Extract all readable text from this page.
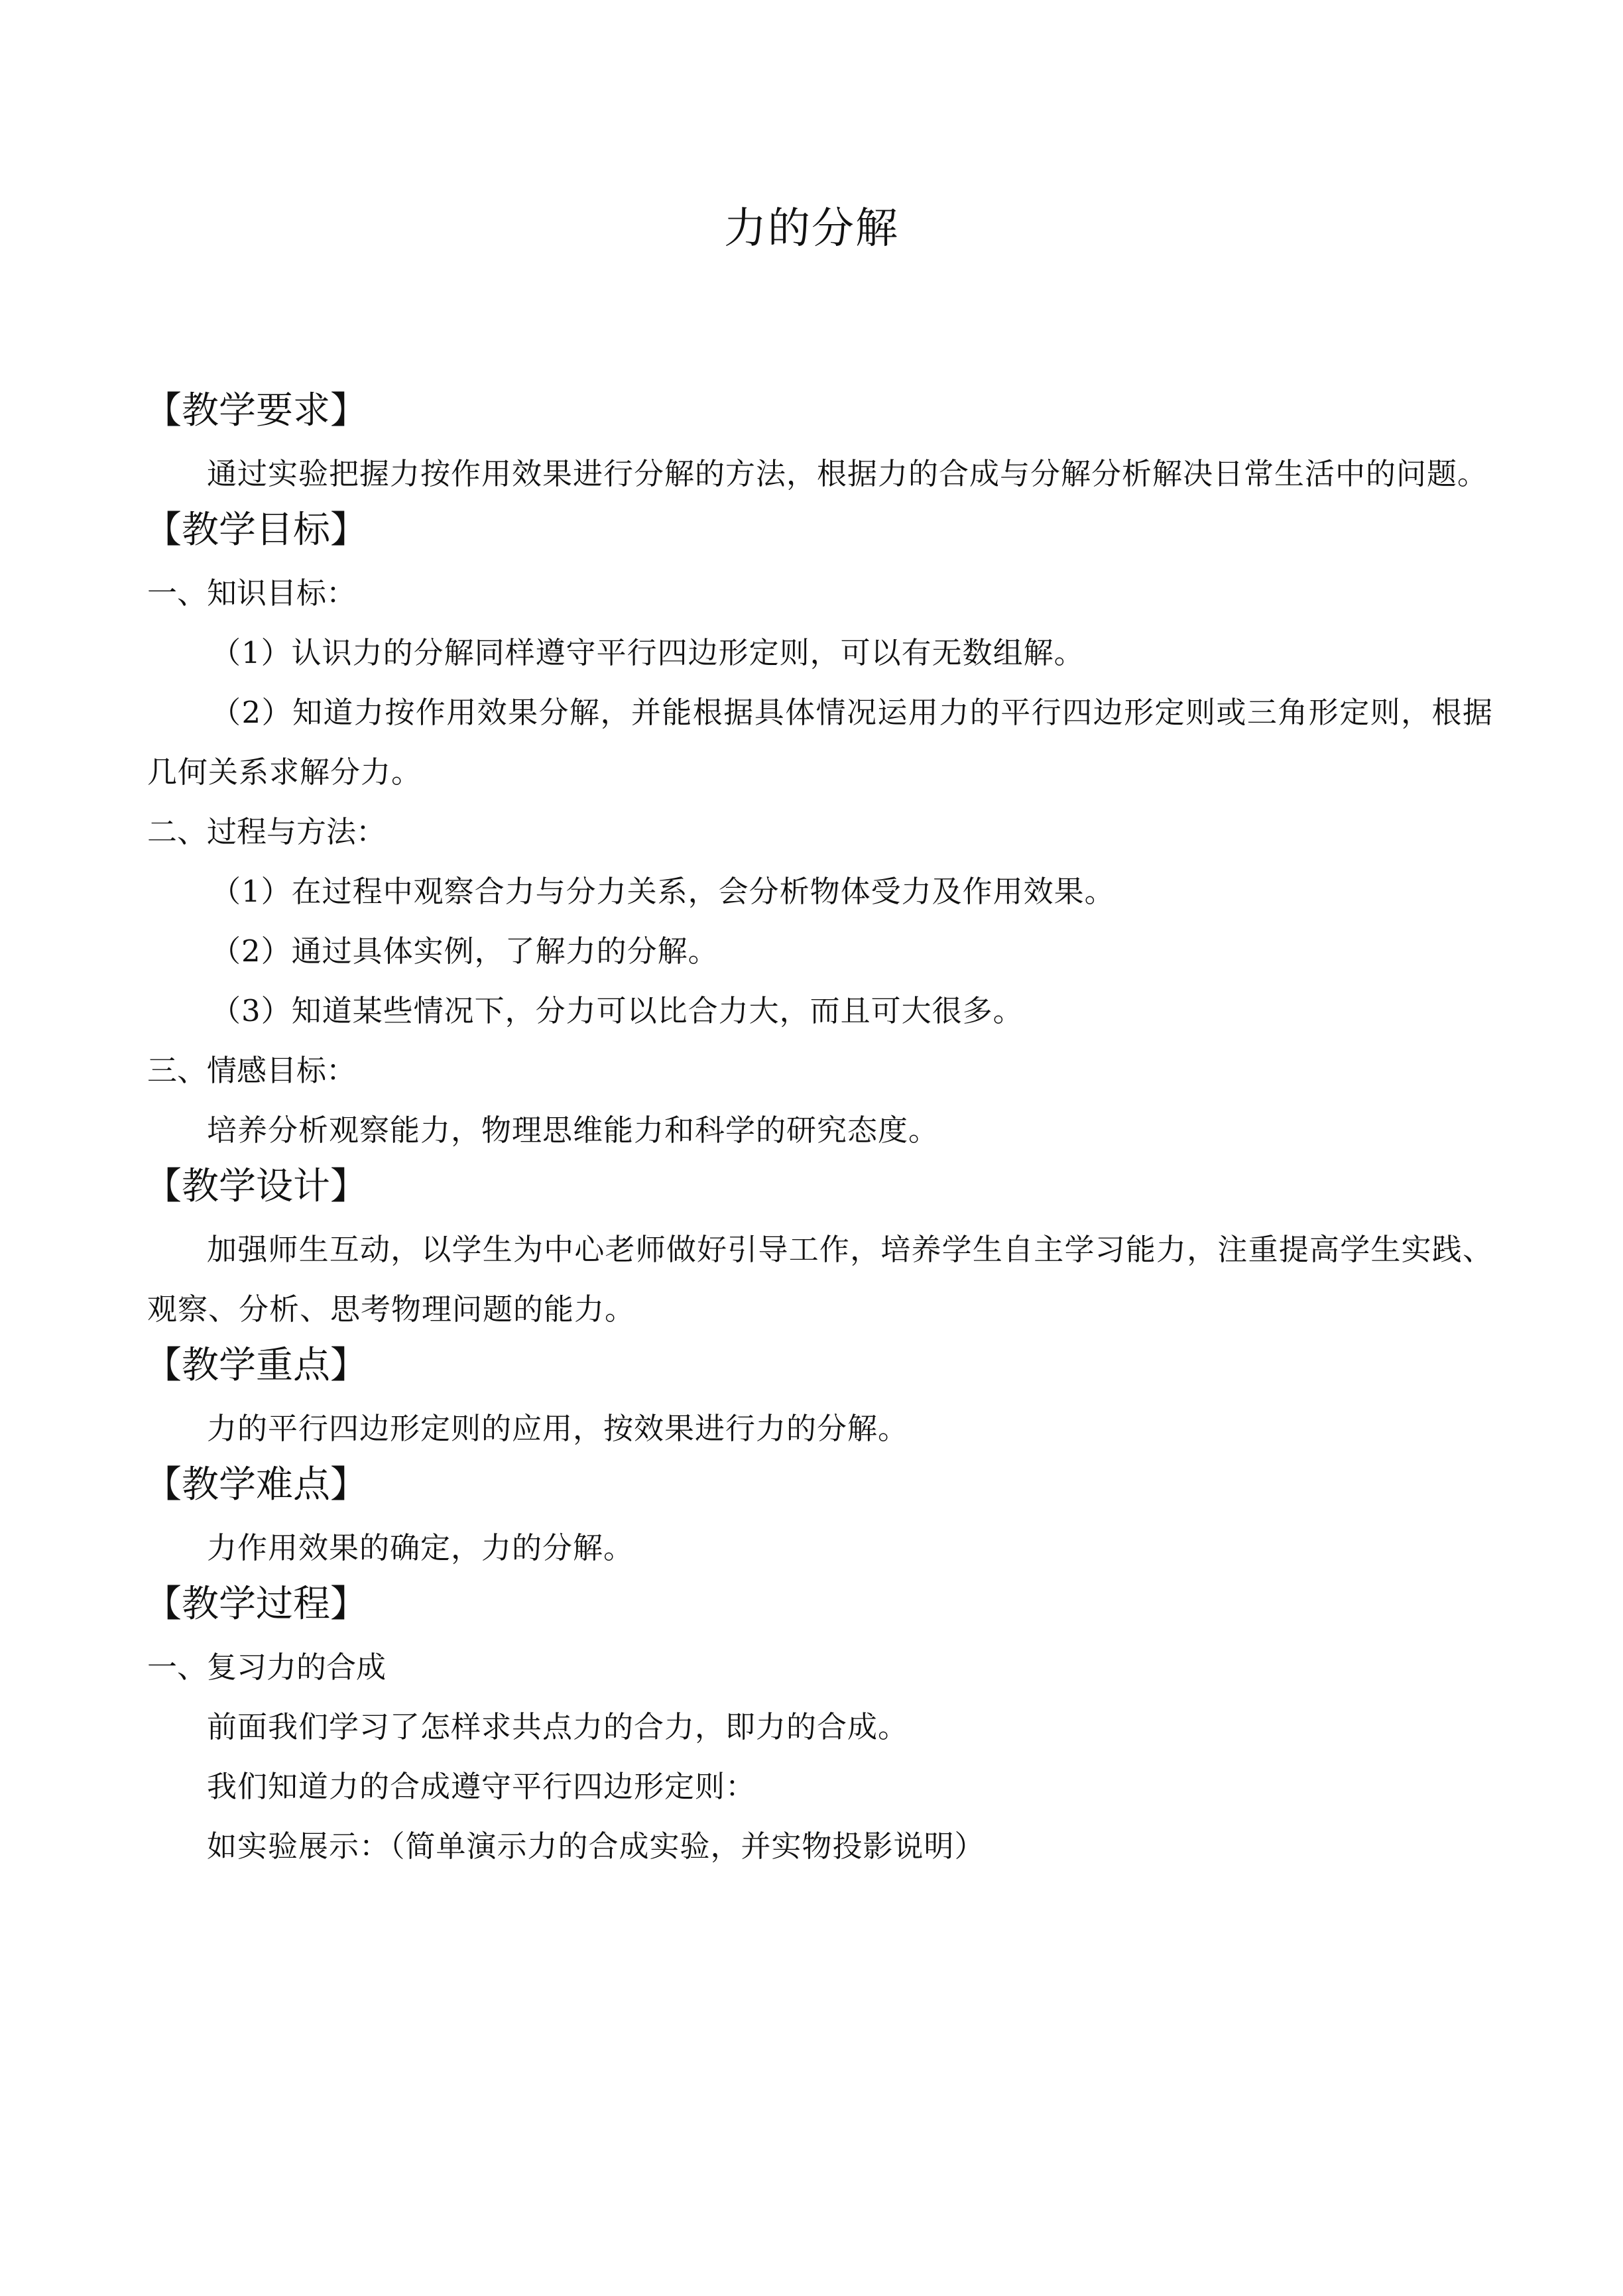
力的分解
【教学要求】
通过实验把握力按作用效果进行分解的方法，根据力的合成与分解分析解决日常生活中的问题。
【教学目标】
一、知识目标：
（1）认识力的分解同样遵守平行四边形定则，可以有无数组解。
（2）知道力按作用效果分解，并能根据具体情况运用力的平行四边形定则或三角形定则，根据几何关系求解分力。
二、过程与方法：
（1）在过程中观察合力与分力关系，会分析物体受力及作用效果。
（2）通过具体实例，了解力的分解。
（3）知道某些情况下，分力可以比合力大，而且可大很多。
三、情感目标：
培养分析观察能力，物理思维能力和科学的研究态度。
【教学设计】
加强师生互动，以学生为中心老师做好引导工作，培养学生自主学习能力，注重提高学生实践、观察、分析、思考物理问题的能力。
【教学重点】
力的平行四边形定则的应用，按效果进行力的分解。
【教学难点】
力作用效果的确定，力的分解。
【教学过程】
一、复习力的合成
前面我们学习了怎样求共点力的合力，即力的合成。
我们知道力的合成遵守平行四边形定则：
如实验展示：（简单演示力的合成实验，并实物投影说明）
